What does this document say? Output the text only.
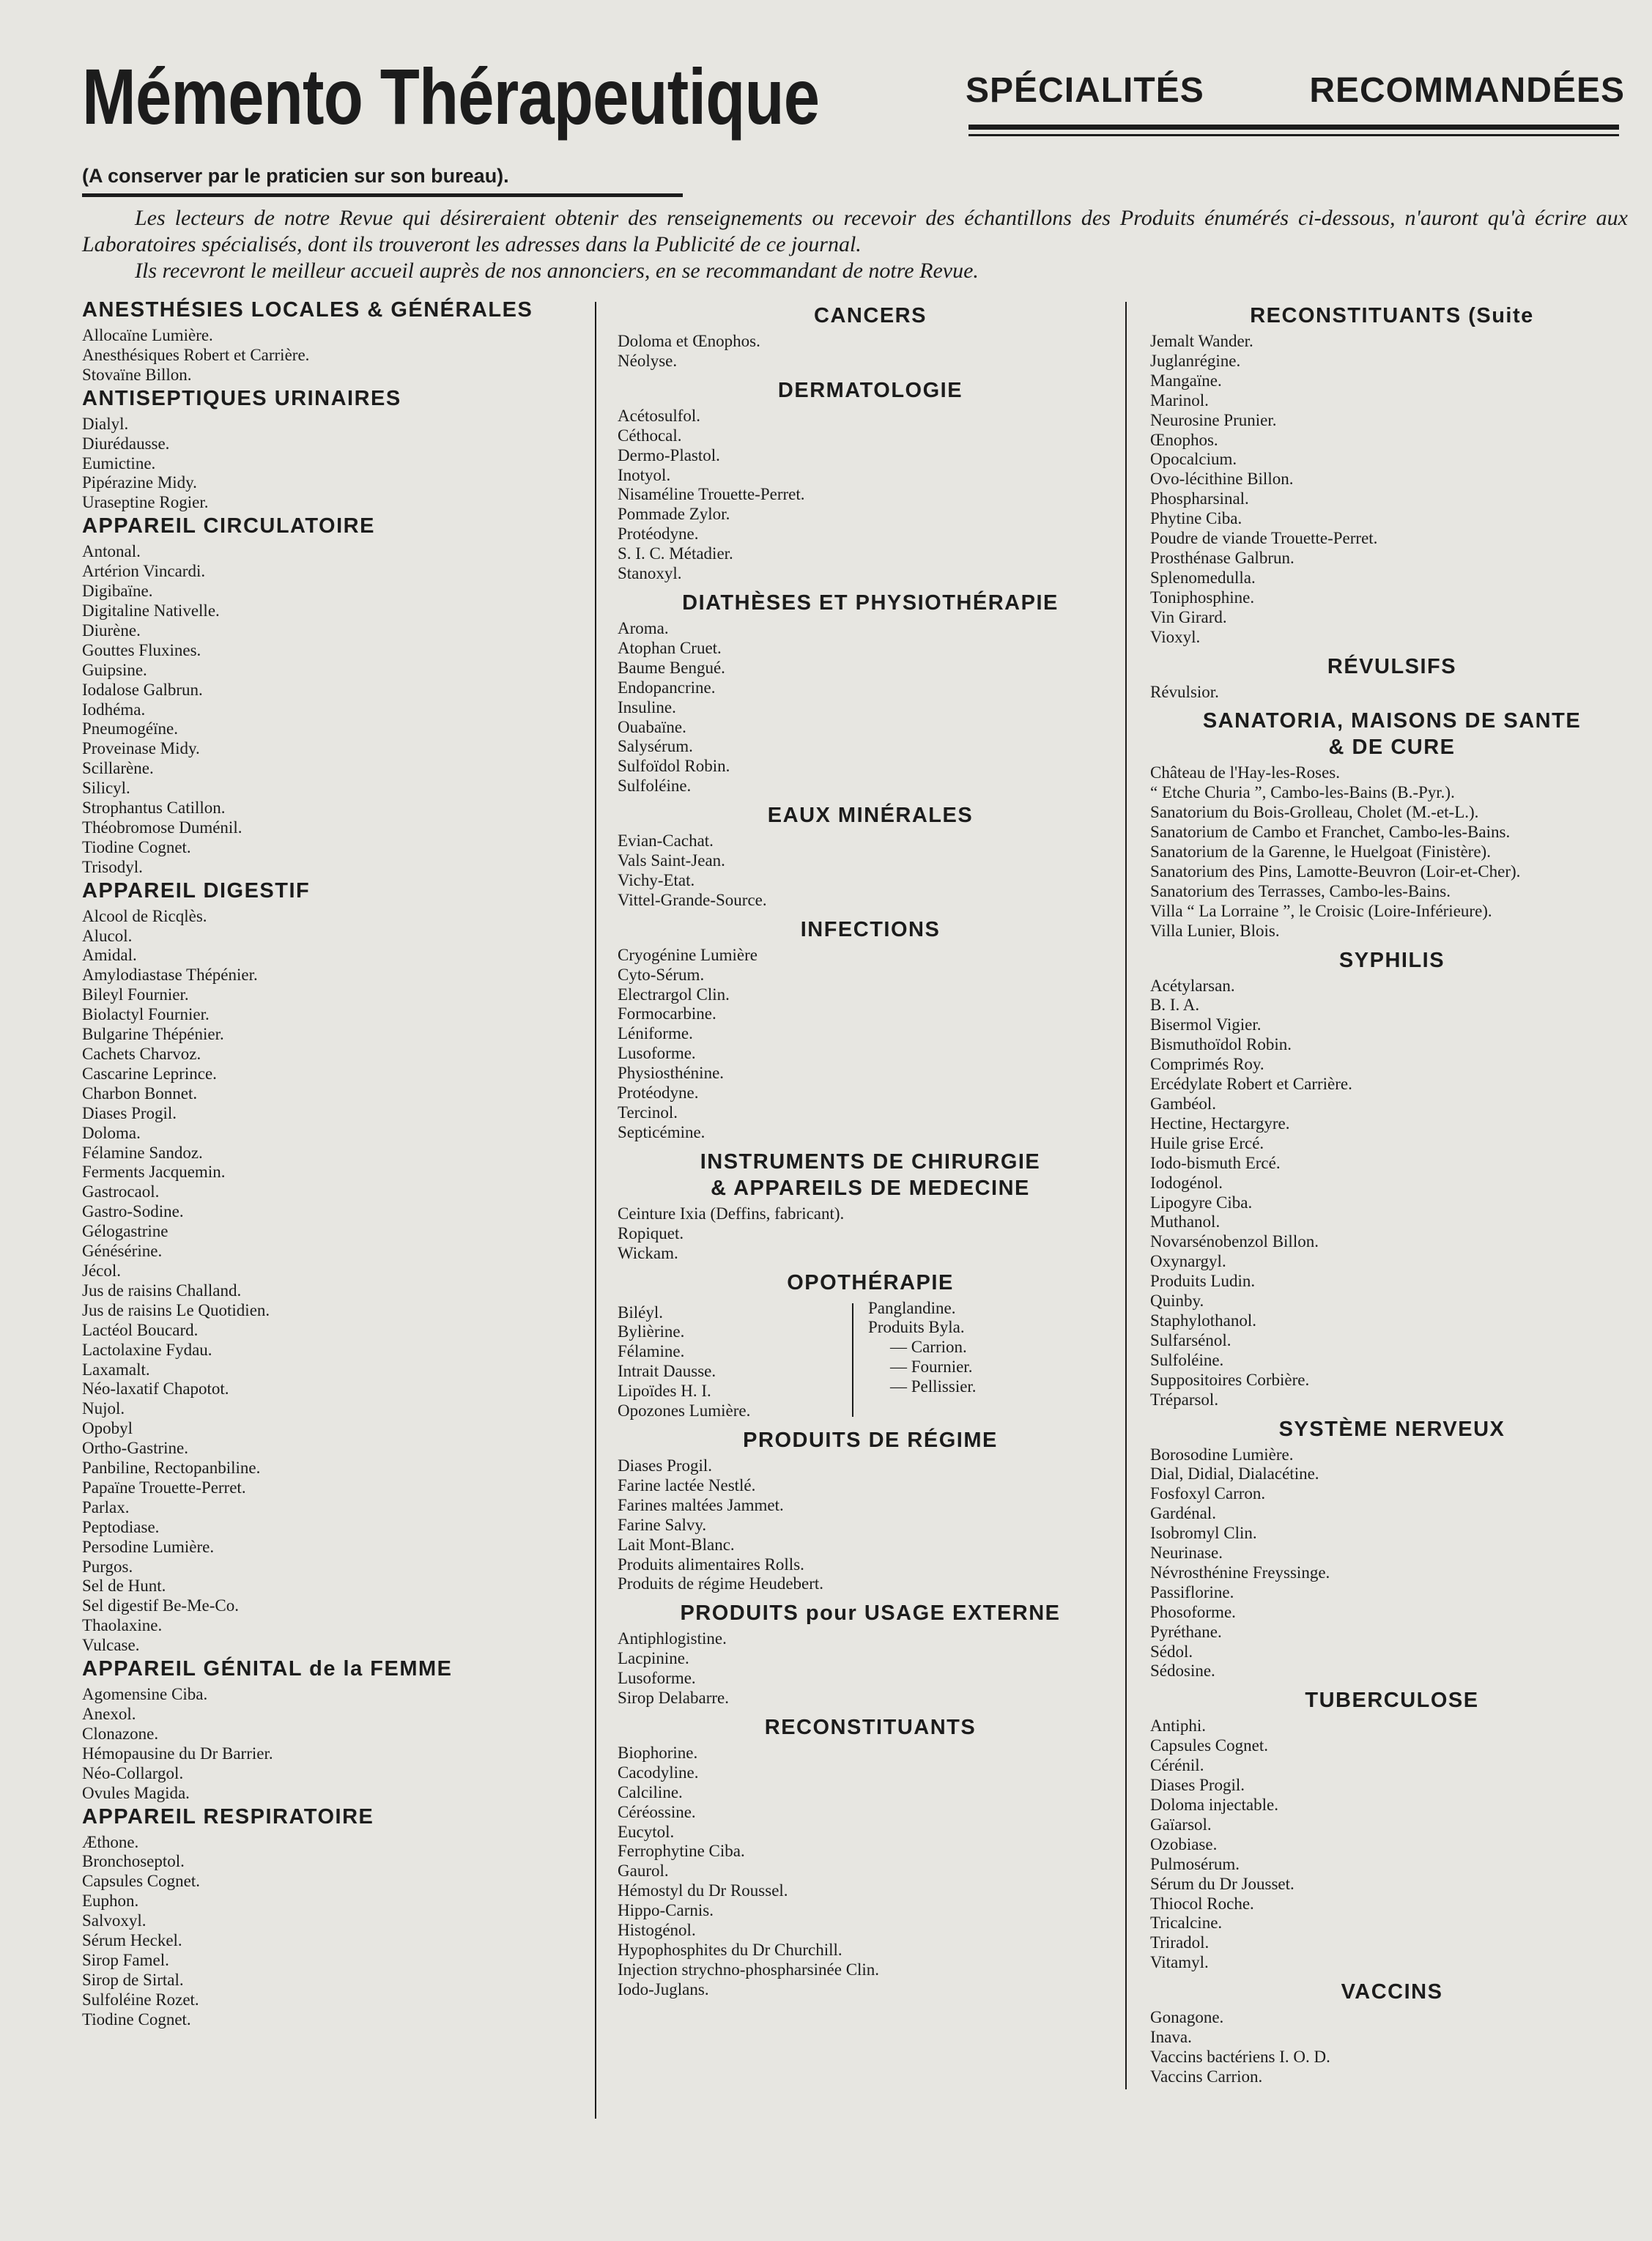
Mémento Thérapeutique
(A conserver par le praticien sur son bureau).
SPÉCIALITÉS	RECOMMANDÉES

Les lecteurs de notre Revue qui désireraient obtenir des renseignements ou recevoir des échantillons des Produits énumérés ci-dessous, n'auront qu'à écrire aux Laboratoires spécialisés, dont ils trouveront les adresses dans la Publicité de ce journal.

Ils recevront le meilleur accueil auprès de nos annonciers, en se recommandant de notre Revue.

ANESTHÉSIES LOCALES & GÉNÉRALES
Allocaïne Lumière.
Anesthésiques Robert et Carrière.
Stovaïne Billon.
ANTISEPTIQUES URINAIRES
Dialyl.
Diurédausse.
Eumictine.
Pipérazine Midy.
Uraseptine Rogier.
APPAREIL CIRCULATOIRE
Antonal.
Artérion Vincardi.
Digibaïne.
Digitaline Nativelle.
Diurène.
Gouttes Fluxines.
Guipsine.
Iodalose Galbrun.
Iodhéma.
Pneumogéïne.
Proveinase Midy.
Scillarène.
Silicyl.
Strophantus Catillon.
Théobromose Duménil.
Tiodine Cognet.
Trisodyl.
APPAREIL DIGESTIF
Alcool de Ricqlès.
Alucol.
Amidal.
Amylodiastase Thépénier.
Bileyl Fournier.
Biolactyl Fournier.
Bulgarine Thépénier.
Cachets Charvoz.
Cascarine Leprince.
Charbon Bonnet.
Diases Progil.
Doloma.
Félamine Sandoz.
Ferments Jacquemin.
Gastrocaol.
Gastro-Sodine.
Gélogastrine
Génésérine.
Jécol.
Jus de raisins Challand.
Jus de raisins Le Quotidien.
Lactéol Boucard.
Lactolaxine Fydau.
Laxamalt.
Néo-laxatif Chapotot.
Nujol.
Opobyl
Ortho-Gastrine.
Panbiline, Rectopanbiline.
Papaïne Trouette-Perret.
Parlax.
Peptodiase.
Persodine Lumière.
Purgos.
Sel de Hunt.
Sel digestif Be-Me-Co.
Thaolaxine.
Vulcase.
APPAREIL GÉNITAL de la FEMME
Agomensine Ciba.
Anexol.
Clonazone.
Hémopausine du Dr Barrier.
Néo-Collargol.
Ovules Magida.
APPAREIL RESPIRATOIRE
Æthone.
Bronchoseptol.
Capsules Cognet.
Euphon.
Salvoxyl.
Sérum Heckel.
Sirop Famel.
Sirop de Sirtal.
Sulfoléine Rozet.
Tiodine Cognet.
CANCERS
Doloma et Œnophos.
Néolyse.
DERMATOLOGIE
Acétosulfol.
Céthocal.
Dermo-Plastol.
Inotyol.
Nisaméline Trouette-Perret.
Pommade Zylor.
Protéodyne.
S. I. C. Métadier.
Stanoxyl.
DIATHÈSES ET PHYSIOTHÉRAPIE
Aroma.
Atophan Cruet.
Baume Bengué.
Endopancrine.
Insuline.
Ouabaïne.
Salysérum.
Sulfoïdol Robin.
Sulfoléine.
EAUX MINÉRALES
Evian-Cachat.
Vals Saint-Jean.
Vichy-Etat.
Vittel-Grande-Source.
INFECTIONS
Cryogénine Lumière
Cyto-Sérum.
Electrargol Clin.
Formocarbine.
Léniforme.
Lusoforme.
Physiosthénine.
Protéodyne.
Tercinol.
Septicémine.
INSTRUMENTS DE CHIRURGIE
& APPAREILS DE MEDECINE
Ceinture Ixia (Deffins, fabricant).
Ropiquet.
Wickam.
OPOTHÉRAPIE
Biléyl.
Bylièrine.
Félamine.
Intrait Dausse.
Lipoïdes H. I.
Opozones Lumière.
Panglandine.
Produits Byla.
— Carrion.
— Fournier.
— Pellissier.
PRODUITS DE RÉGIME
Diases Progil.
Farine lactée Nestlé.
Farines maltées Jammet.
Farine Salvy.
Lait Mont-Blanc.
Produits alimentaires Rolls.
Produits de régime Heudebert.
PRODUITS pour USAGE EXTERNE
Antiphlogistine.
Lacpinine.
Lusoforme.
Sirop Delabarre.
RECONSTITUANTS
Biophorine.
Cacodyline.
Calciline.
Céréossine.
Eucytol.
Ferrophytine Ciba.
Gaurol.
Hémostyl du Dr Roussel.
Hippo-Carnis.
Histogénol.
Hypophosphites du Dr Churchill.
Injection strychno-phospharsinée Clin.
Iodo-Juglans.
RECONSTITUANTS (Suite
Jemalt Wander.
Juglanrégine.
Mangaïne.
Marinol.
Neurosine Prunier.
Œnophos.
Opocalcium.
Ovo-lécithine Billon.
Phospharsinal.
Phytine Ciba.
Poudre de viande Trouette-Perret.
Prosthénase Galbrun.
Splenomedulla.
Toniphosphine.
Vin Girard.
Vioxyl.
RÉVULSIFS
Révulsior.
SANATORIA, MAISONS DE SANTE
& DE CURE
Château de l'Hay-les-Roses.
“ Etche Churia ”, Cambo-les-Bains (B.-Pyr.).
Sanatorium du Bois-Grolleau, Cholet (M.-et-L.).
Sanatorium de Cambo et Franchet, Cambo-les-Bains.
Sanatorium de la Garenne, le Huelgoat (Finistère).
Sanatorium des Pins, Lamotte-Beuvron (Loir-et-Cher).
Sanatorium des Terrasses, Cambo-les-Bains.
Villa “ La Lorraine ”, le Croisic (Loire-Inférieure).
Villa Lunier, Blois.
SYPHILIS
Acétylarsan.
B. I. A.
Bisermol Vigier.
Bismuthoïdol Robin.
Comprimés Roy.
Ercédylate Robert et Carrière.
Gambéol.
Hectine, Hectargyre.
Huile grise Ercé.
Iodo-bismuth Ercé.
Iodogénol.
Lipogyre Ciba.
Muthanol.
Novarsénobenzol Billon.
Oxynargyl.
Produits Ludin.
Quinby.
Staphylothanol.
Sulfarsénol.
Sulfoléine.
Suppositoires Corbière.
Tréparsol.
SYSTÈME NERVEUX
Borosodine Lumière.
Dial, Didial, Dialacétine.
Fosfoxyl Carron.
Gardénal.
Isobromyl Clin.
Neurinase.
Névrosthénine Freyssinge.
Passiflorine.
Phosoforme.
Pyréthane.
Sédol.
Sédosine.
TUBERCULOSE
Antiphi.
Capsules Cognet.
Cérénil.
Diases Progil.
Doloma injectable.
Gaïarsol.
Ozobiase.
Pulmosérum.
Sérum du Dr Jousset.
Thiocol Roche.
Tricalcine.
Triradol.
Vitamyl.
VACCINS
Gonagone.
Inava.
Vaccins bactériens I. O. D.
Vaccins Carrion.
